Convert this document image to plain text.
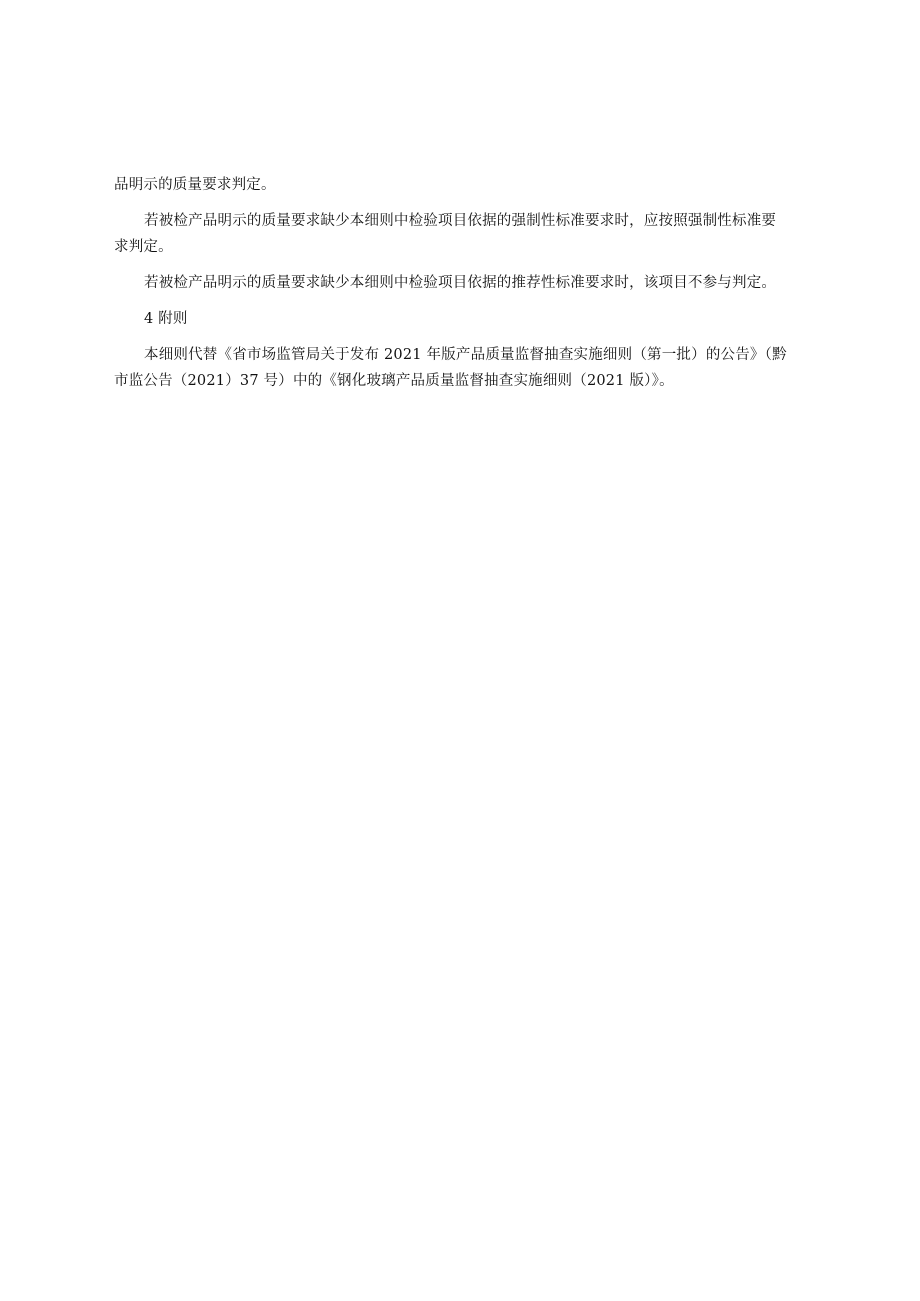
品明示的质量要求判定。

若被检产品明示的质量要求缺少本细则中检验项目依据的强制性标准要求时，应按照强制性标准要
求判定。

若被检产品明示的质量要求缺少本细则中检验项目依据的推荐性标准要求时，该项目不参与判定。

4 附则

本细则代替《省市场监管局关于发布 2021 年版产品质量监督抽查实施细则（第一批）的公告》（黔
市监公告（2021）37 号）中的《钢化玻璃产品质量监督抽查实施细则（2021 版）》。
